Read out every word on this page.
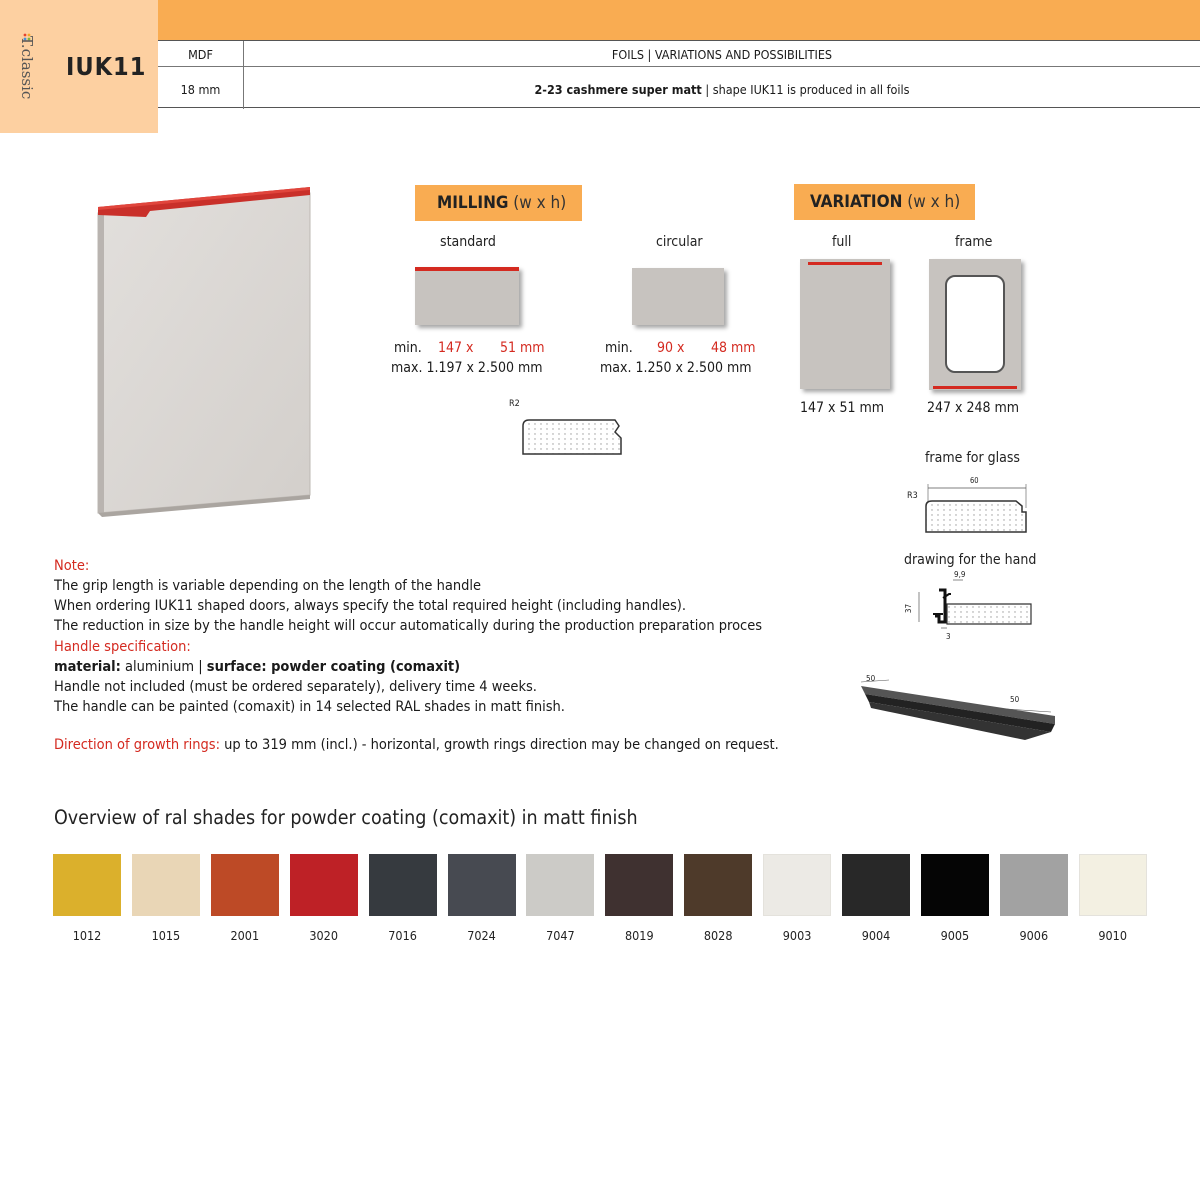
T.classic IUK11	MDF	FOILS | VARIATIONS AND POSSIBILITIES
18 mm	2-23 cashmere super matt | shape IUK11 is produced in all foils
MILLING (w x h)
standard
min. 147 x 51 mm
max. 1.197 x 2.500 mm
circular
min. 90 x 48 mm
max. 1.250 x 2.500 mm
R2
VARIATION (w x h)
full
147 x 51 mm
frame
247 x 248 mm
frame for glass
R3
60
drawing for the hand
9,9
37
3
50
50
Note:
The grip length is variable depending on the length of the handle
When ordering IUK11 shaped doors, always specify the total required height (including handles).
The reduction in size by the handle height will occur automatically during the production preparation proces
Handle specification:
material: aluminium | surface: powder coating (comaxit)
Handle not included (must be ordered separately), delivery time 4 weeks.
The handle can be painted (comaxit) in 14 selected RAL shades in matt finish.
Direction of growth rings: up to 319 mm (incl.) - horizontal, growth rings direction may be changed on request.
Overview of ral shades for powder coating (comaxit) in matt finish
1012	1015	2001	3020	7016	7024	7047	8019	8028	9003	9004	9005	9006	9010
